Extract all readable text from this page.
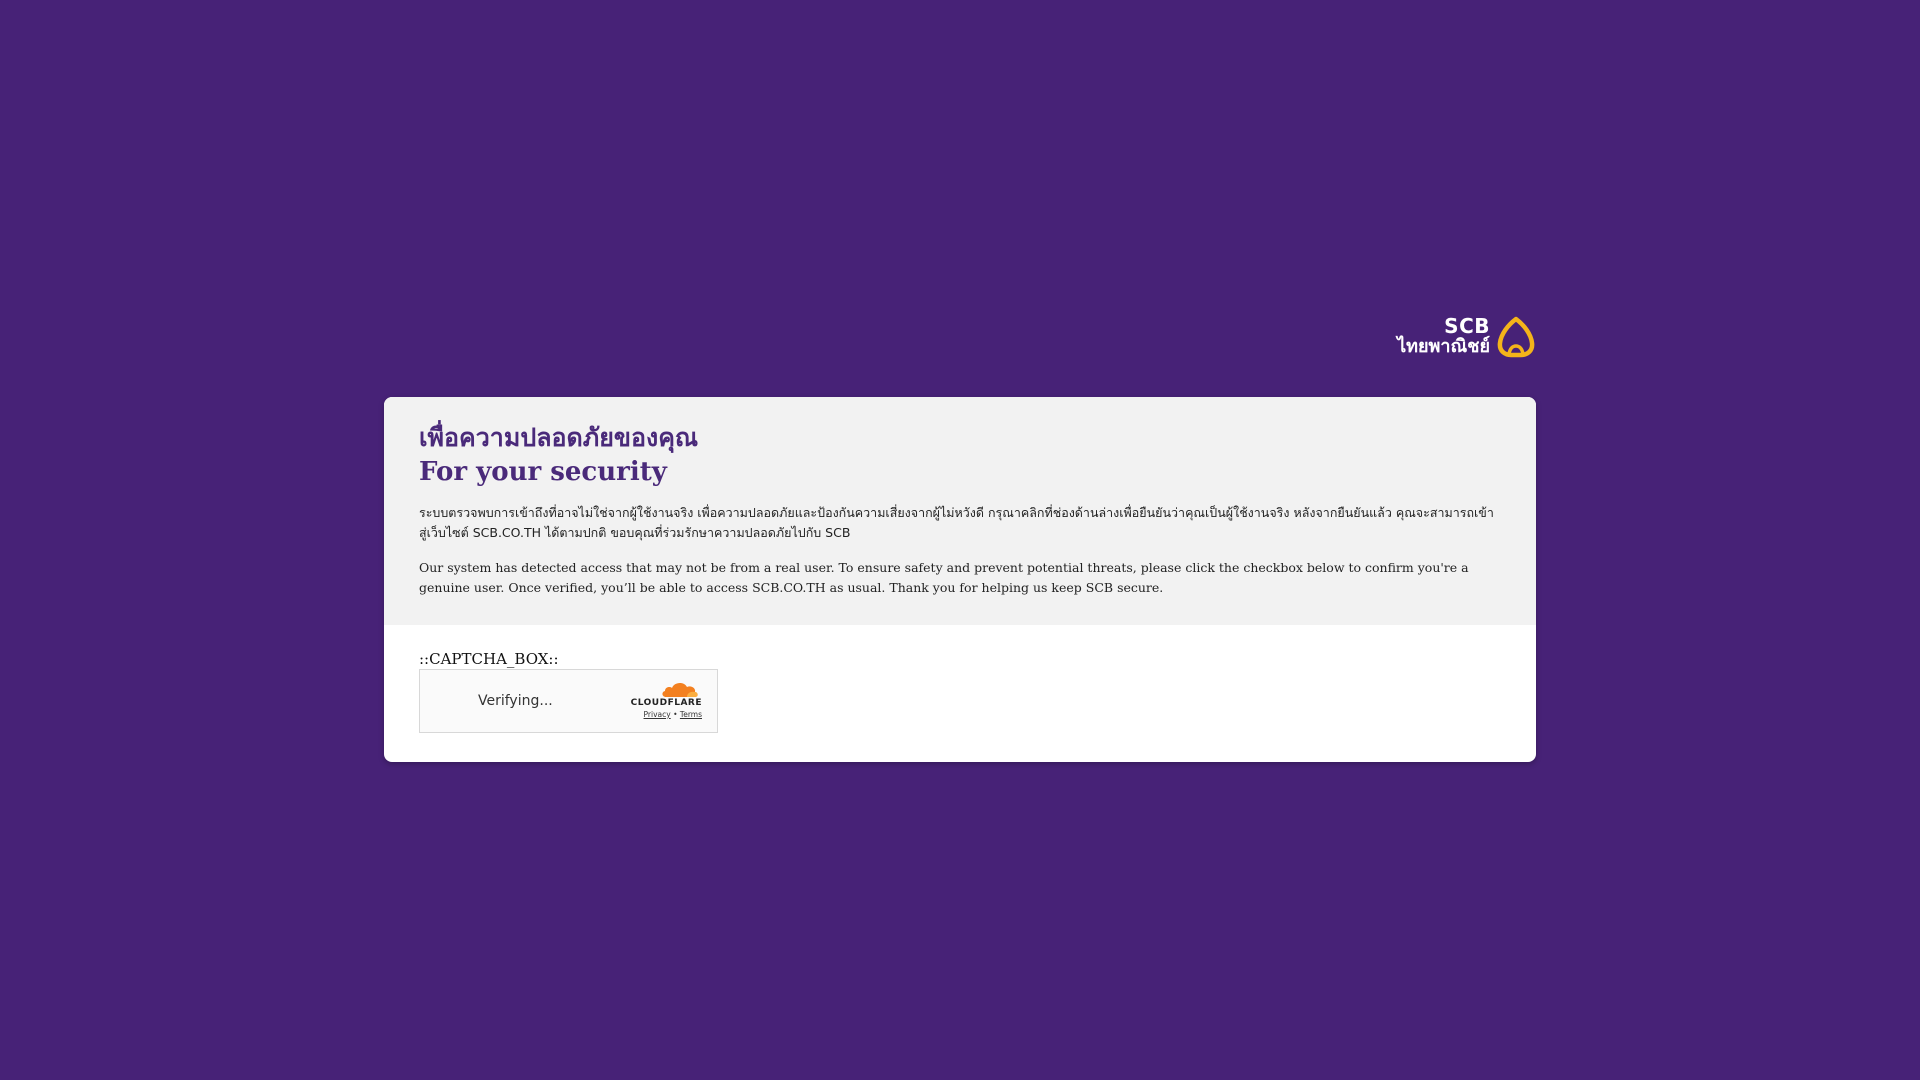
SCB
ไทยพาณิชย์
เพื่อความปลอดภัยของคุณ
For your security

ระบบตรวจพบการเข้าถึงที่อาจไม่ใช่จากผู้ใช้งานจริง เพื่อความปลอดภัยและป้องกันความเสี่ยงจากผู้ไม่หวังดี กรุณาคลิกที่ช่องด้านล่างเพื่อยืนยันว่าคุณเป็นผู้ใช้งานจริง หลังจากยืนยันแล้ว คุณจะสามารถเข้าสู่เว็บไซต์ SCB.CO.TH ได้ตามปกติ ขอบคุณที่ร่วมรักษาความปลอดภัยไปกับ SCB

Our system has detected access that may not be from a real user. To ensure safety and prevent potential threats, please click the checkbox below to confirm you're a genuine user. Once verified, you’ll be able to access SCB.CO.TH as usual. Thank you for helping us keep SCB secure.

::CAPTCHA_BOX::
Verifying...	CLOUDFLARE
Privacy • Terms
